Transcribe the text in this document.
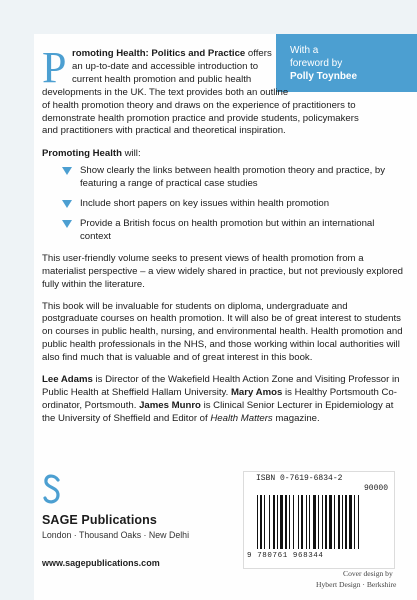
With a
foreword by
Polly Toynbee
P romoting Health: Politics and Practice offers
an up-to-date and accessible introduction to
current health promotion and public health
developments in the UK. The text provides both an outline
of health promotion theory and draws on the experience of practitioners to
demonstrate health promotion practice and provide students, policymakers
and practitioners with practical and theoretical inspiration.
Promoting Health will:
Show clearly the links between health promotion theory and practice, by featuring a range of practical case studies
Include short papers on key issues within health promotion
Provide a British focus on health promotion but within an international context
This user-friendly volume seeks to present views of health promotion from a materialist perspective – a view widely shared in practice, but not previously explored fully within the literature.
This book will be invaluable for students on diploma, undergraduate and postgraduate courses on health promotion. It will also be of great interest to students on courses in public health, nursing, and environmental health. Health promotion and public health professionals in the NHS, and those working within local authorities will also find much that is valuable and of great interest in this book.
Lee Adams is Director of the Wakefield Health Action Zone and Visiting Professor in Public Health at Sheffield Hallam University. Mary Amos is Healthy Portsmouth Co-ordinator, Portsmouth. James Munro is Clinical Senior Lecturer in Epidemiology at the University of Sheffield and Editor of Health Matters magazine.
SAGE Publications
London · Thousand Oaks · New Delhi
www.sagepublications.com
ISBN 0-7619-6834-2
90000
9 780761 968344
Cover design by
Hybert Design · Berkshire
